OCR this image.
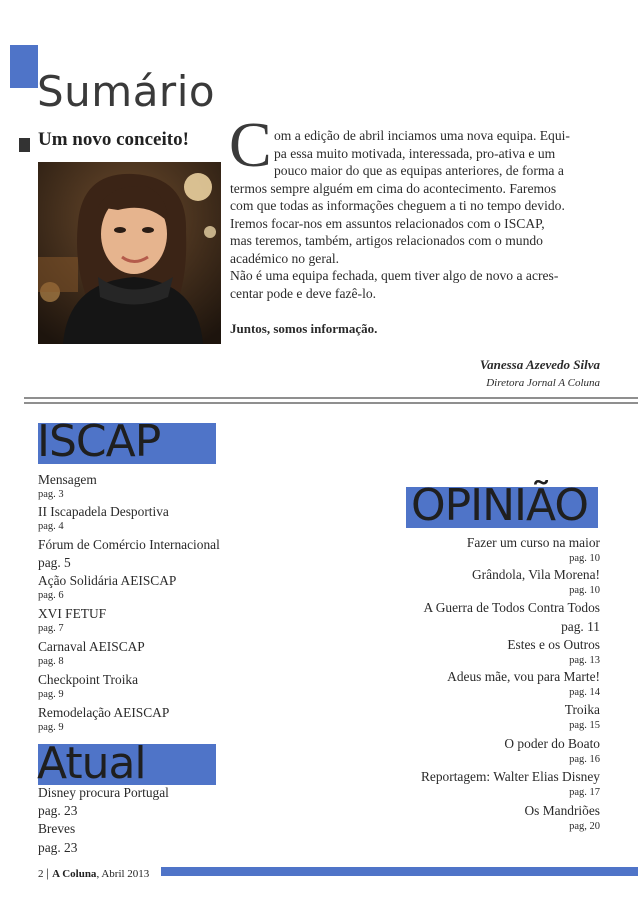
Sumário
Um novo conceito! C om a edição de abril inciamos uma nova equipa. Equi-
pa essa muito motivada, interessada, pro-ativa e um
pouco maior do que as equipas anteriores, de forma a
termos sempre alguém em cima do acontecimento. Faremos
com que todas as informações cheguem a ti no tempo devido.
Iremos focar-nos em assuntos relacionados com o ISCAP,
mas teremos, também, artigos relacionados com o mundo
académico no geral.
Não é uma equipa fechada, quem tiver algo de novo a acres-
centar pode e deve fazê-lo.
Juntos, somos informação.
Vanessa Azevedo Silva
Diretora Jornal A Coluna
ISCAP
Mensagem
pag. 3
II Iscapadela Desportiva
pag. 4
Fórum de Comércio Internacional
pag. 5
Ação Solidária AEISCAP
pag. 6
XVI FETUF
pag. 7
Carnaval AEISCAP
pag. 8
Checkpoint Troika
pag. 9
Remodelação AEISCAP
pag. 9
Atual
Disney procura Portugal
pag. 23
Breves
pag. 23
OPINIÃO
Fazer um curso na maior
pag. 10
Grândola, Vila Morena!
pag. 10
A Guerra de Todos Contra Todos
pag. 11
Estes e os Outros
pag. 13
Adeus mãe, vou para Marte!
pag. 14
Troika
pag. 15
O poder do Boato
pag. 16
Reportagem: Walter Elias Disney
pag. 17
Os Mandriões
pag, 20
2 | A Coluna, Abril 2013
